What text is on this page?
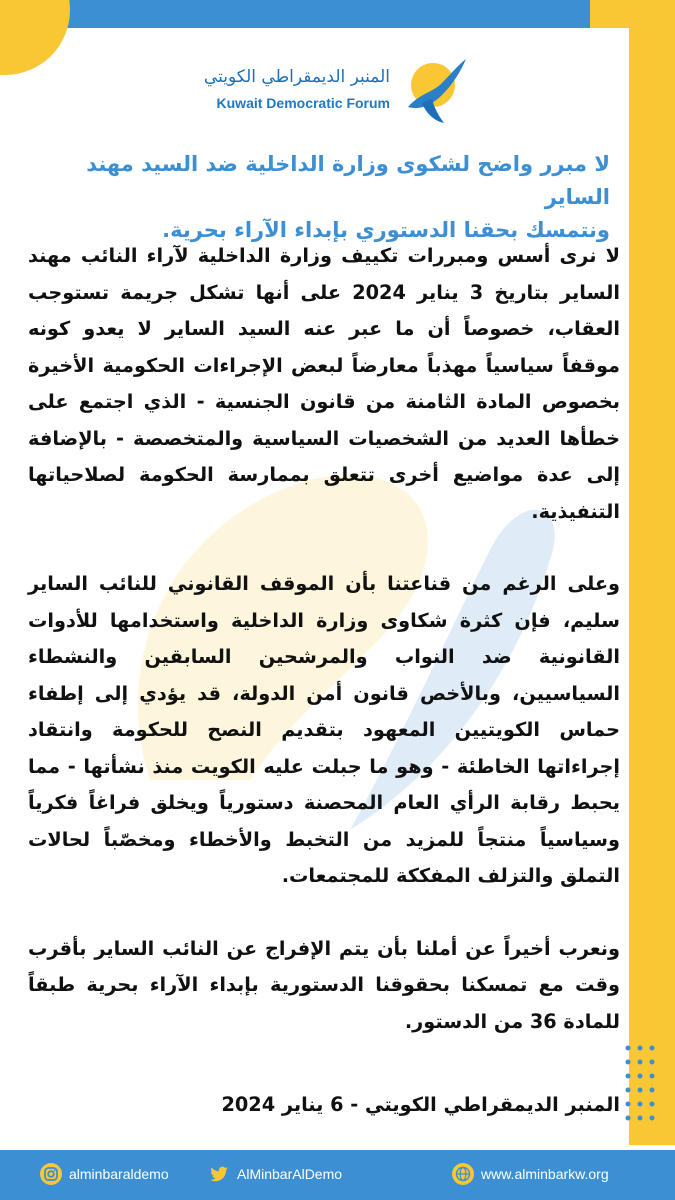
المنبر الديمقراطي الكويتي
Kuwait Democratic Forum
لا مبرر واضح لشكوى وزارة الداخلية ضد السيد مهند الساير
ونتمسك بحقنا الدستوري بإبداء الآراء بحرية.

لا نرى أسس ومبررات تكييف وزارة الداخلية لآراء النائب مهند الساير بتاريخ 3 يناير 2024 على أنها تشكل جريمة تستوجب العقاب، خصوصاً أن ما عبر عنه السيد الساير لا يعدو كونه موقفاً سياسياً مهذباً معارضاً لبعض الإجراءات الحكومية الأخيرة بخصوص المادة الثامنة من قانون الجنسية - الذي اجتمع على خطأها العديد من الشخصيات السياسية والمتخصصة - بالإضافة إلى عدة مواضيع أخرى تتعلق بممارسة الحكومة لصلاحياتها التنفيذية.

وعلى الرغم من قناعتنا بأن الموقف القانوني للنائب الساير سليم، فإن كثرة شكاوى وزارة الداخلية واستخدامها للأدوات القانونية ضد النواب والمرشحين السابقين والنشطاء السياسيين، وبالأخص قانون أمن الدولة، قد يؤدي إلى إطفاء حماس الكويتيين المعهود بتقديم النصح للحكومة وانتقاد إجراءاتها الخاطئة - وهو ما جبلت عليه الكويت منذ نشأتها - مما يحبط رقابة الرأي العام المحصنة دستورياً ويخلق فراغاً فكرياً وسياسياً منتجاً للمزيد من التخبط والأخطاء ومخصّباً لحالات التملق والتزلف المفككة للمجتمعات.

ونعرب أخيراً عن أملنا بأن يتم الإفراج عن النائب الساير بأقرب وقت مع تمسكنا بحقوقنا الدستورية بإبداء الآراء بحرية طبقاً للمادة 36 من الدستور.

المنبر الديمقراطي الكويتي - 6 يناير 2024
alminbaraldemo	AlMinbarAlDemo	www.alminbarkw.org
